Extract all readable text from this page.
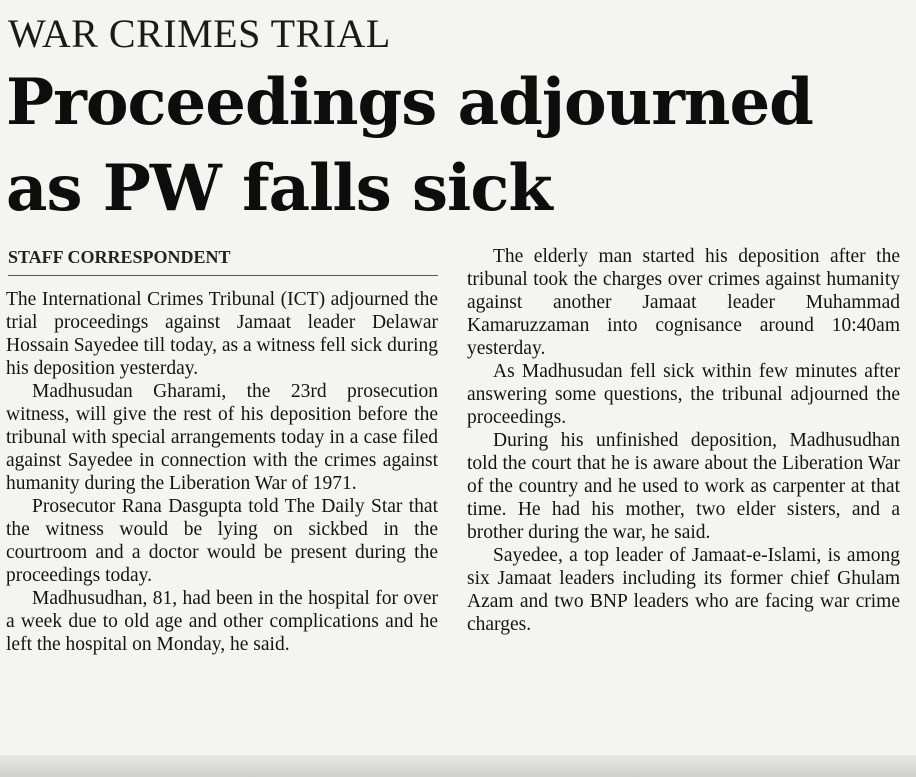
WAR CRIMES TRIAL
Proceedings adjourned
as PW falls sick
STAFF CORRESPONDENT

The International Crimes Tribunal (ICT) adjourned the trial proceedings against Jamaat leader Delawar Hossain Sayedee till today, as a witness fell sick during his deposition yesterday.

Madhusudan Gharami, the 23rd prosecution witness, will give the rest of his deposition before the tribunal with special arrangements today in a case filed against Sayedee in connection with the crimes against humanity during the Liberation War of 1971.

Prosecutor Rana Dasgupta told The Daily Star that the witness would be lying on sickbed in the courtroom and a doctor would be present during the proceedings today.

Madhusudhan, 81, had been in the hospital for over a week due to old age and other complications and he left the hospital on Monday, he said.

The elderly man started his deposition after the tribunal took the charges over crimes against humanity against another Jamaat leader Muhammad Kamaruzzaman into cognisance around 10:40am yesterday.

As Madhusudan fell sick within few minutes after answering some questions, the tribunal adjourned the proceedings.

During his unfinished deposition, Madhusudhan told the court that he is aware about the Liberation War of the country and he used to work as carpenter at that time. He had his mother, two elder sisters, and a brother during the war, he said.

Sayedee, a top leader of Jamaat-e-Islami, is among six Jamaat leaders including its former chief Ghulam Azam and two BNP leaders who are facing war crime charges.
